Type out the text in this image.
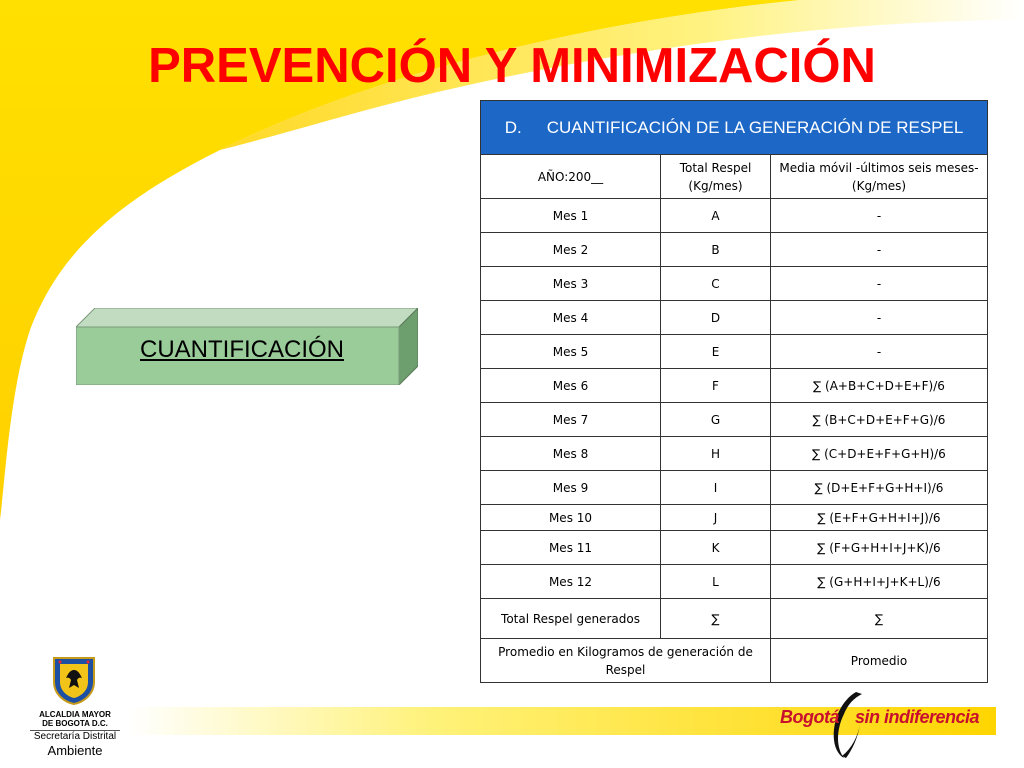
PREVENCIÓN Y MINIMIZACIÓN
CUANTIFICACIÓN
D. CUANTIFICACIÓN DE LA GENERACIÓN DE RESPEL		
AÑO:200__	Total Respel (Kg/mes)	Media móvil -últimos seis meses- (Kg/mes)
Mes 1	A	-
Mes 2	B	-
Mes 3	C	-
Mes 4	D	-
Mes 5	E	-
Mes 6	F	∑ (A+B+C+D+E+F)/6
Mes 7	G	∑ (B+C+D+E+F+G)/6
Mes 8	H	∑ (C+D+E+F+G+H)/6
Mes 9	I	∑ (D+E+F+G+H+I)/6
Mes 10	J	∑ (E+F+G+H+I+J)/6
Mes 11	K	∑ (F+G+H+I+J+K)/6
Mes 12	L	∑ (G+H+I+J+K+L)/6
Total Respel generados	∑	∑
Promedio en Kilogramos de generación de Respel		Promedio
Bogotá sin indiferencia
ALCALDIA MAYOR
DE BOGOTA D.C.
Secretaría Distrital
Ambiente
